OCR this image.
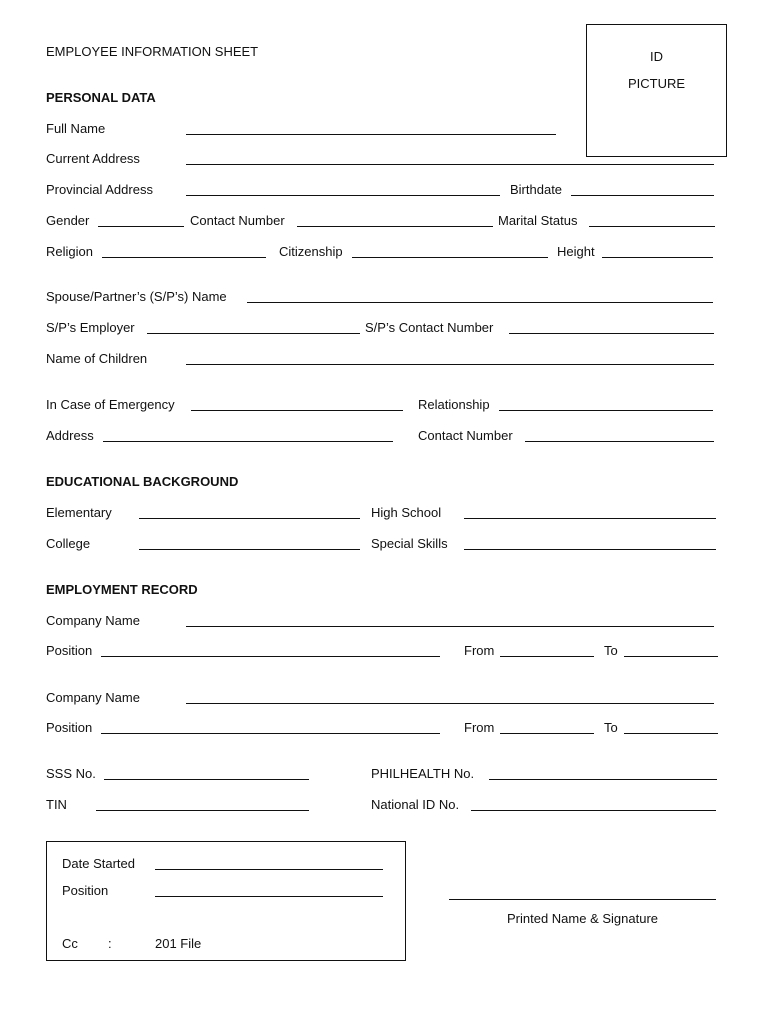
EMPLOYEE INFORMATION SHEET	ID
PICTURE
PERSONAL DATA
Full Name
Current Address
Provincial Address	Birthdate
Gender	Contact Number	Marital Status
Religion	Citizenship	Height
Spouse/Partner’s (S/P’s) Name
S/P’s Employer	S/P’s Contact Number
Name of Children
In Case of Emergency	Relationship
Address	Contact Number
EDUCATIONAL BACKGROUND
Elementary	High School
College	Special Skills
EMPLOYMENT RECORD
Company Name
Position	From	To
Company Name
Position	From	To
SSS No.	PHILHEALTH No.
TIN	National ID No.
Date Started
Position
Cc :	201 File
Printed Name & Signature
